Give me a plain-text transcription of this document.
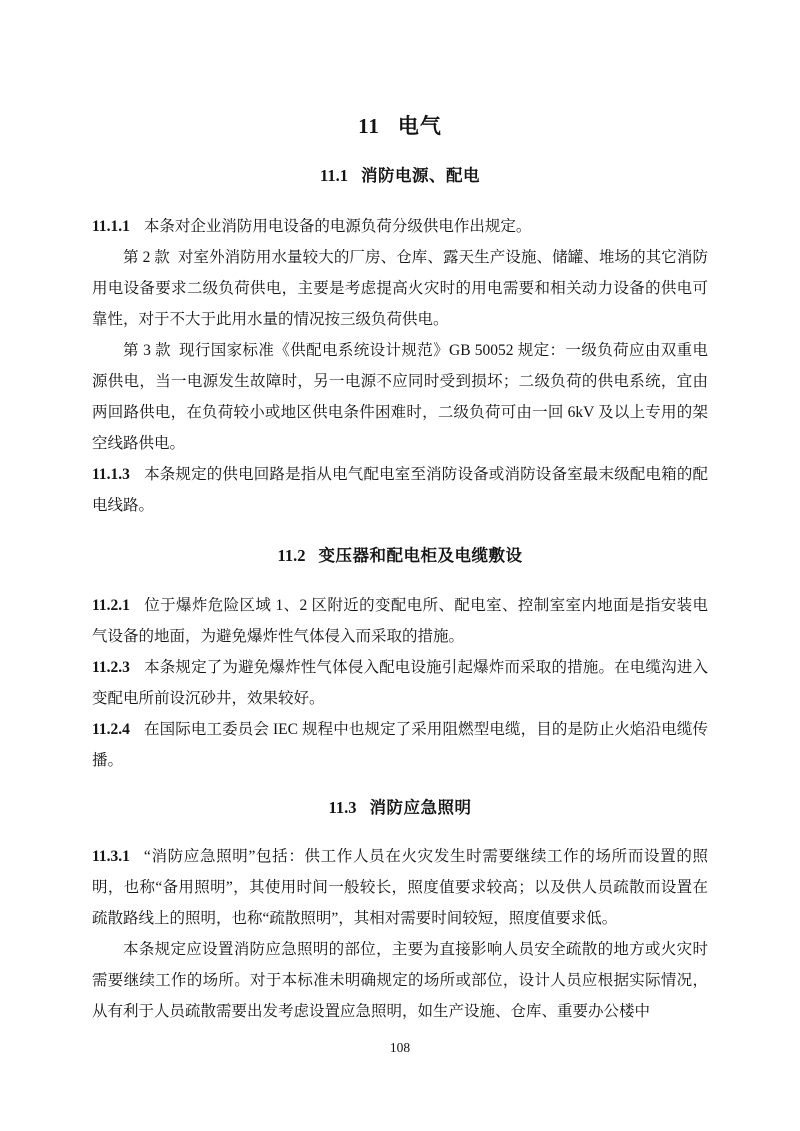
11 电气
11.1 消防电源、配电

11.1.1 本条对企业消防用电设备的电源负荷分级供电作出规定。

第 2 款 对室外消防用水量较大的厂房、仓库、露天生产设施、储罐、堆场的其它消防用电设备要求二级负荷供电，主要是考虑提高火灾时的用电需要和相关动力设备的供电可靠性，对于不大于此用水量的情况按三级负荷供电。

第 3 款 现行国家标准《供配电系统设计规范》GB 50052 规定：一级负荷应由双重电源供电，当一电源发生故障时，另一电源不应同时受到损坏；二级负荷的供电系统，宜由两回路供电，在负荷较小或地区供电条件困难时，二级负荷可由一回 6kV 及以上专用的架空线路供电。

11.1.3 本条规定的供电回路是指从电气配电室至消防设备或消防设备室最末级配电箱的配电线路。

11.2 变压器和配电柜及电缆敷设

11.2.1 位于爆炸危险区域 1、2 区附近的变配电所、配电室、控制室室内地面是指安装电气设备的地面，为避免爆炸性气体侵入而采取的措施。

11.2.3 本条规定了为避免爆炸性气体侵入配电设施引起爆炸而采取的措施。在电缆沟进入变配电所前设沉砂井，效果较好。

11.2.4 在国际电工委员会 IEC 规程中也规定了采用阻燃型电缆，目的是防止火焰沿电缆传播。

11.3 消防应急照明

11.3.1 “消防应急照明”包括：供工作人员在火灾发生时需要继续工作的场所而设置的照明，也称“备用照明”，其使用时间一般较长，照度值要求较高；以及供人员疏散而设置在疏散路线上的照明，也称“疏散照明”，其相对需要时间较短，照度值要求低。

本条规定应设置消防应急照明的部位，主要为直接影响人员安全疏散的地方或火灾时需要继续工作的场所。对于本标准未明确规定的场所或部位，设计人员应根据实际情况，从有利于人员疏散需要出发考虑设置应急照明，如生产设施、仓库、重要办公楼中

108
